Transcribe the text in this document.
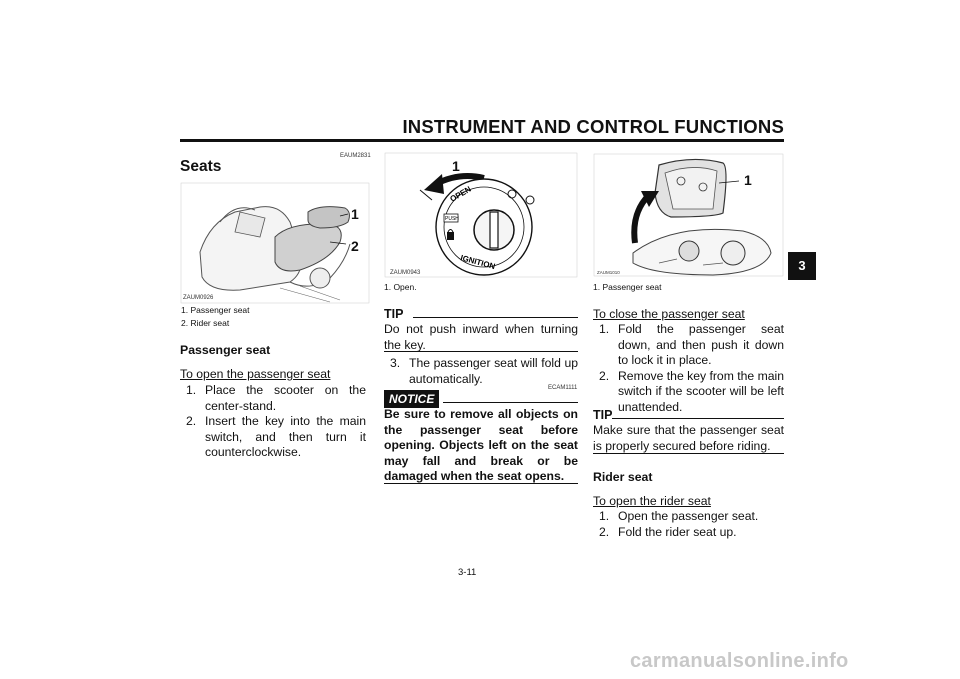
INSTRUMENT AND CONTROL FUNCTIONS
3
EAUM2831
Seats
1
2
ZAUM0926
1. Passenger seat
2. Rider seat
Passenger seat
To open the passenger seat
1. Place the scooter on the center-stand.
2. Insert the key into the main switch, and then turn it counterclockwise.
OPEN
PUSH
IGNITION
1
ZAUM0943
1. Open.
TIP
Do not push inward when turning the key.
3. The passenger seat will fold up automatically.
NOTICE
ECAM1111
Be sure to remove all objects on the passenger seat before opening. Objects left on the seat may fall and break or be damaged when the seat opens.
1
ZAUM1010
1. Passenger seat
To close the passenger seat
1. Fold the passenger seat down, and then push it down to lock it in place.
2. Remove the key from the main switch if the scooter will be left unattended.
TIP
Make sure that the passenger seat is properly secured before riding.
Rider seat
To open the rider seat
1. Open the passenger seat.
2. Fold the rider seat up.
3-11
carmanualsonline.info
